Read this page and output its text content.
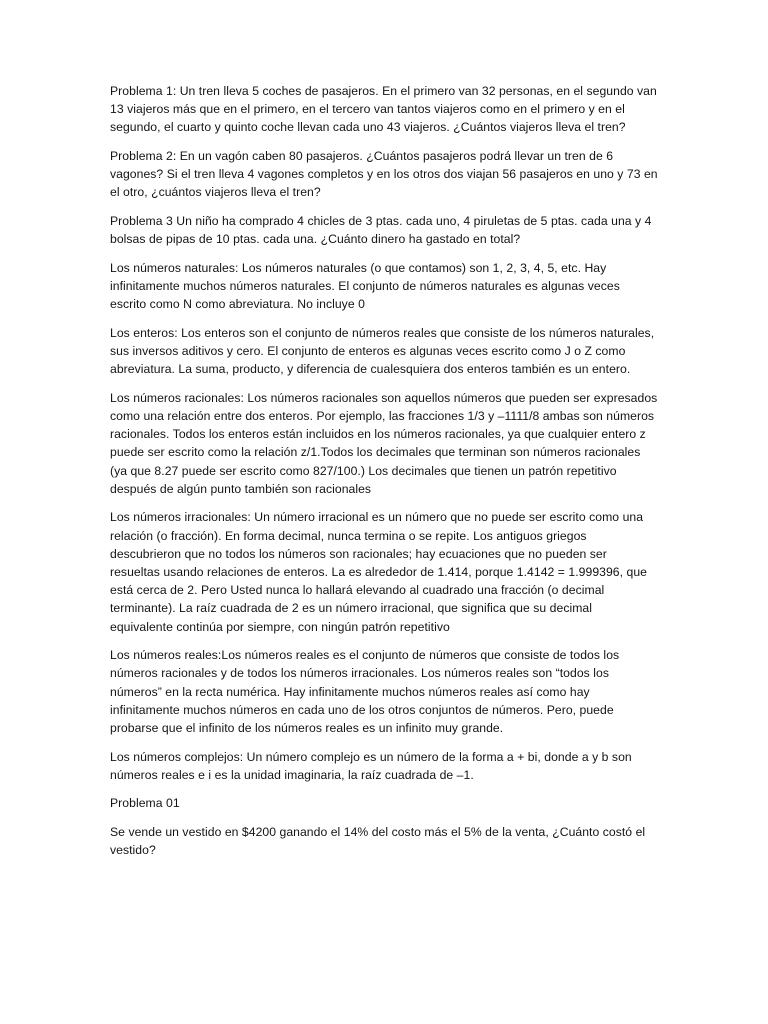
Problema 1: Un tren lleva 5 coches de pasajeros. En el primero van 32 personas, en el segundo van 13 viajeros más que en el primero, en el tercero van tantos viajeros como en el primero y en el segundo, el cuarto y quinto coche llevan cada uno 43 viajeros. ¿Cuántos viajeros lleva el tren?

Problema 2: En un vagón caben 80 pasajeros. ¿Cuántos pasajeros podrá llevar un tren de 6 vagones? Si el tren lleva 4 vagones completos y en los otros dos viajan 56 pasajeros en uno y 73 en el otro, ¿cuántos viajeros lleva el tren?

Problema 3 Un niño ha comprado 4 chicles de 3 ptas. cada uno, 4 piruletas de 5 ptas. cada una y 4 bolsas de pipas de 10 ptas. cada una. ¿Cuánto dinero ha gastado en total?

Los números naturales: Los números naturales (o que contamos) son 1, 2, 3, 4, 5, etc. Hay infinitamente muchos números naturales. El conjunto de números naturales es algunas veces escrito como N como abreviatura. No incluye 0

Los enteros: Los enteros son el conjunto de números reales que consiste de los números naturales, sus inversos aditivos y cero. El conjunto de enteros es algunas veces escrito como J o Z como abreviatura. La suma, producto, y diferencia de cualesquiera dos enteros también es un entero.

Los números racionales: Los números racionales son aquellos números que pueden ser expresados como una relación entre dos enteros. Por ejemplo, las fracciones 1/3 y –1111/8 ambas son números racionales. Todos los enteros están incluidos en los números racionales, ya que cualquier entero z puede ser escrito como la relación z/1.Todos los decimales que terminan son números racionales (ya que 8.27 puede ser escrito como 827/100.) Los decimales que tienen un patrón repetitivo después de algún punto también son racionales

Los números irracionales: Un número irracional es un número que no puede ser escrito como una relación (o fracción). En forma decimal, nunca termina o se repite. Los antiguos griegos descubrieron que no todos los números son racionales; hay ecuaciones que no pueden ser resueltas usando relaciones de enteros. La es alrededor de 1.414, porque 1.4142 = 1.999396, que está cerca de 2. Pero Usted nunca lo hallará elevando al cuadrado una fracción (o decimal terminante). La raíz cuadrada de 2 es un número irracional, que significa que su decimal equivalente continúa por siempre, con ningún patrón repetitivo

Los números reales:Los números reales es el conjunto de números que consiste de todos los números racionales y de todos los números irracionales. Los números reales son “todos los números” en la recta numérica. Hay infinitamente muchos números reales así como hay infinitamente muchos números en cada uno de los otros conjuntos de números. Pero, puede probarse que el infinito de los números reales es un infinito muy grande.

Los números complejos: Un número complejo es un número de la forma a + bi, donde a y b son números reales e i es la unidad imaginaria, la raíz cuadrada de –1.

Problema 01

Se vende un vestido en $4200 ganando el 14% del costo más el 5% de la venta, ¿Cuánto costó el vestido?
